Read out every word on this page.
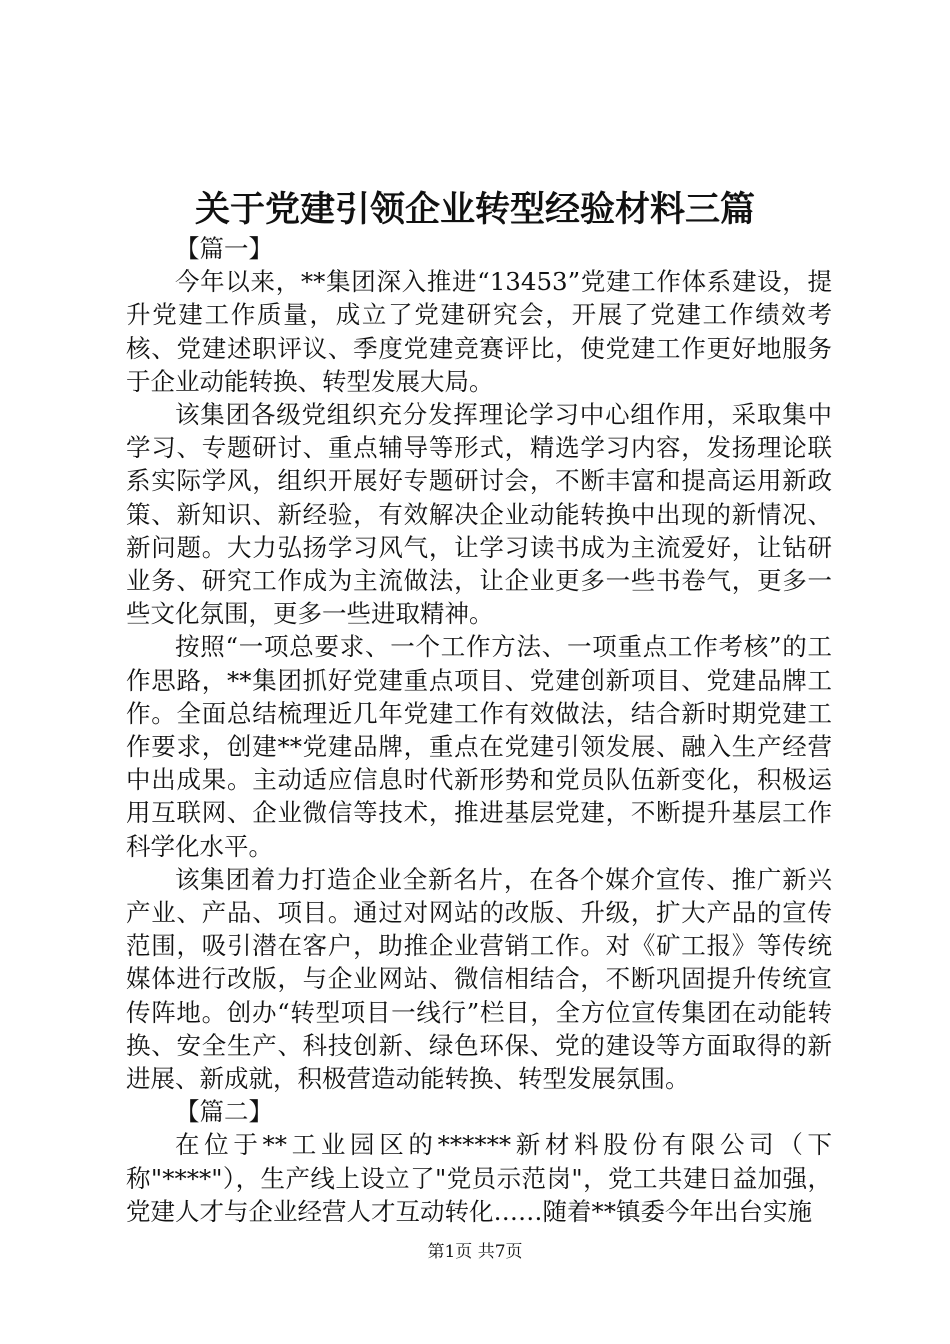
关于党建引领企业转型经验材料三篇

【篇一】

今年以来，**集团深入推进“13453”党建工作体系建设，提升党建工作质量，成立了党建研究会，开展了党建工作绩效考核、党建述职评议、季度党建竞赛评比，使党建工作更好地服务于企业动能转换、转型发展大局。

该集团各级党组织充分发挥理论学习中心组作用，采取集中学习、专题研讨、重点辅导等形式，精选学习内容，发扬理论联系实际学风，组织开展好专题研讨会，不断丰富和提高运用新政策、新知识、新经验，有效解决企业动能转换中出现的新情况、新问题。大力弘扬学习风气，让学习读书成为主流爱好，让钻研业务、研究工作成为主流做法，让企业更多一些书卷气，更多一些文化氛围，更多一些进取精神。

按照“一项总要求、一个工作方法、一项重点工作考核”的工作思路，**集团抓好党建重点项目、党建创新项目、党建品牌工作。全面总结梳理近几年党建工作有效做法，结合新时期党建工作要求，创建**党建品牌，重点在党建引领发展、融入生产经营中出成果。主动适应信息时代新形势和党员队伍新变化，积极运用互联网、企业微信等技术，推进基层党建，不断提升基层工作科学化水平。

该集团着力打造企业全新名片，在各个媒介宣传、推广新兴产业、产品、项目。通过对网站的改版、升级，扩大产品的宣传范围，吸引潜在客户，助推企业营销工作。对《矿工报》等传统媒体进行改版，与企业网站、微信相结合，不断巩固提升传统宣传阵地。创办“转型项目一线行”栏目，全方位宣传集团在动能转换、安全生产、科技创新、绿色环保、党的建设等方面取得的新进展、新成就，积极营造动能转换、转型发展氛围。

【篇二】

在位于**工业园区的******新材料股份有限公司（下称"****"），生产线上设立了"党员示范岗"，党工共建日益加强，党建人才与企业经营人才互动转化……随着**镇委今年出台实施

第1页 共7页
